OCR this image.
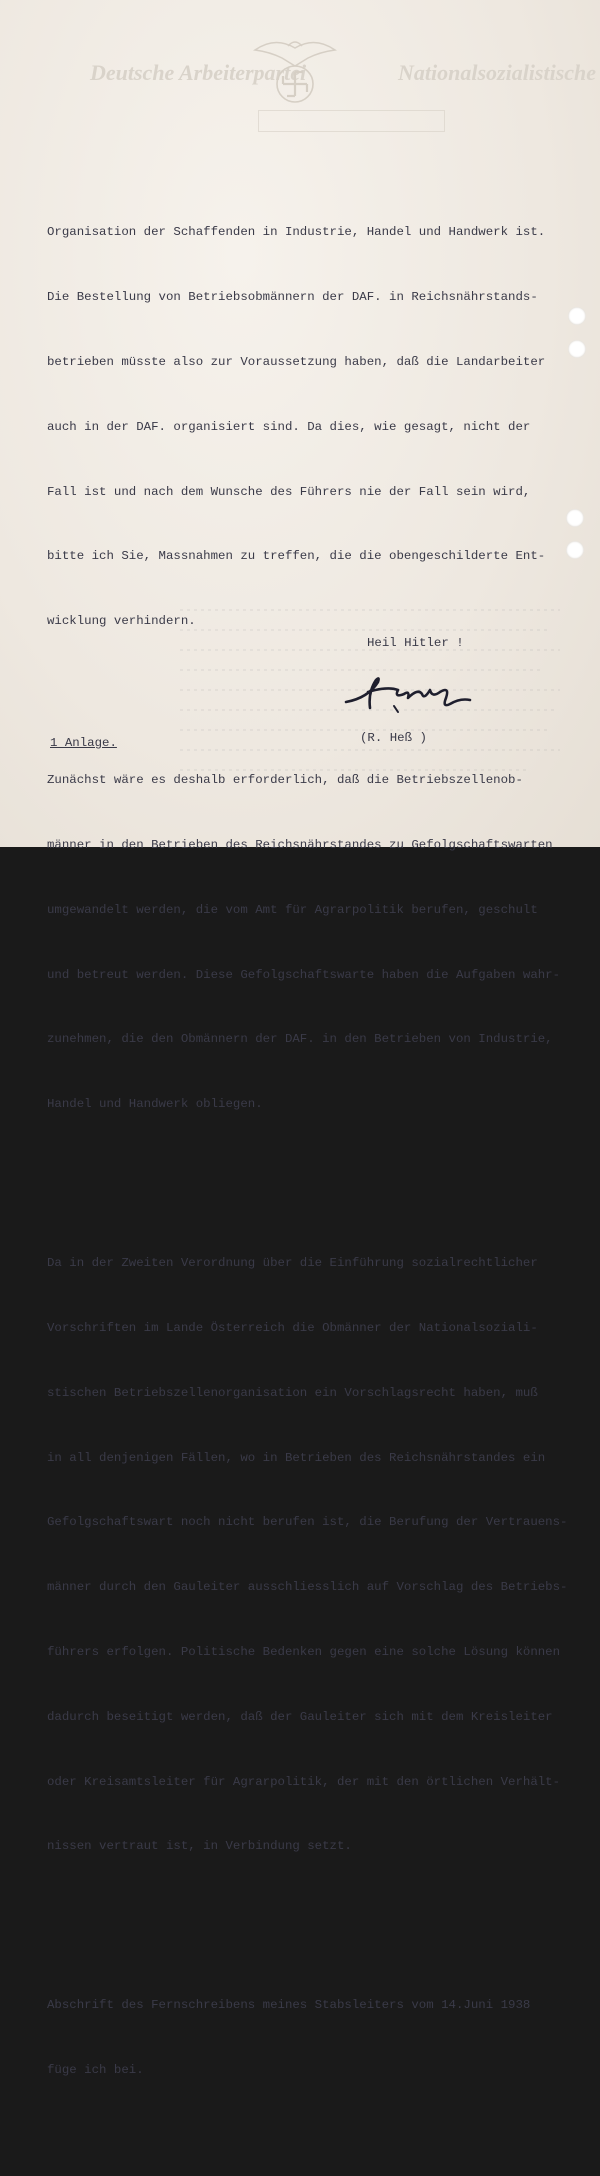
Deutsche Arbeiterpartei	Nationalsozialistische

Organisation der Schaffenden in Industrie, Handel und Handwerk ist.

Die Bestellung von Betriebsobmännern der DAF. in Reichsnährstands-

betrieben müsste also zur Voraussetzung haben, daß die Landarbeiter

auch in der DAF. organisiert sind. Da dies, wie gesagt, nicht der

Fall ist und nach dem Wunsche des Führers nie der Fall sein wird,

bitte ich Sie, Massnahmen zu treffen, die die obengeschilderte Ent-

wicklung verhindern.

Zunächst wäre es deshalb erforderlich, daß die Betriebszellenob-

männer in den Betrieben des Reichsnährstandes zu Gefolgschaftswarten

umgewandelt werden, die vom Amt für Agrarpolitik berufen, geschult

und betreut werden. Diese Gefolgschaftswarte haben die Aufgaben wahr-

zunehmen, die den Obmännern der DAF. in den Betrieben von Industrie,

Handel und Handwerk obliegen.

Da in der Zweiten Verordnung über die Einführung sozialrechtlicher

Vorschriften im Lande Österreich die Obmänner der Nationalsoziali-

stischen Betriebszellenorganisation ein Vorschlagsrecht haben, muß

in all denjenigen Fällen, wo in Betrieben des Reichsnährstandes ein

Gefolgschaftswart noch nicht berufen ist, die Berufung der Vertrauens-

männer durch den Gauleiter ausschliesslich auf Vorschlag des Betriebs-

führers erfolgen. Politische Bedenken gegen eine solche Lösung können

dadurch beseitigt werden, daß der Gauleiter sich mit dem Kreisleiter

oder Kreisamtsleiter für Agrarpolitik, der mit den örtlichen Verhält-

nissen vertraut ist, in Verbindung setzt.

Abschrift des Fernschreibens meines Stabsleiters vom 14.Juni 1938

füge ich bei.

Heil Hitler !
(R. Heß )
1 Anlage.
